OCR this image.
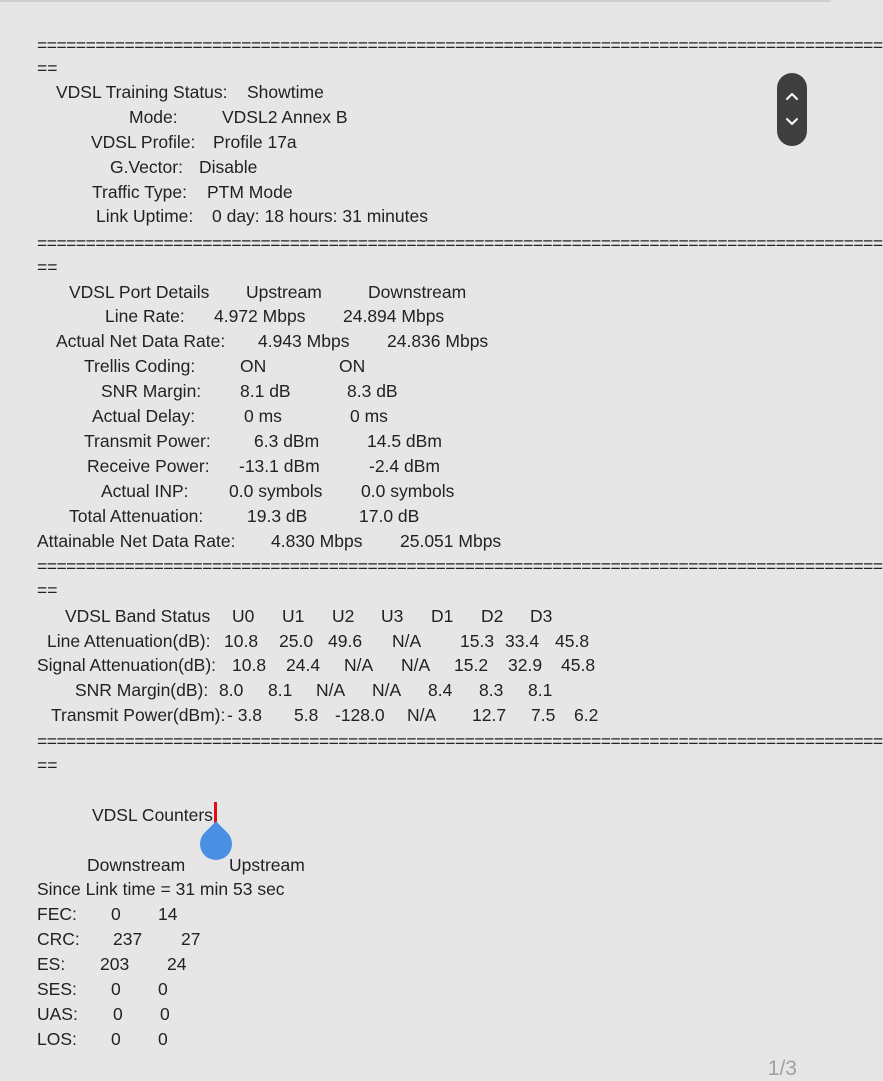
=======================================================================================
==
VDSL Training Status: Showtime
Mode:	VDSL2 Annex B
VDSL Profile: Profile 17a
G.Vector: Disable
Traffic Type: PTM Mode
Link Uptime: 0 day: 18 hours: 31 minutes
=======================================================================================
==
VDSL Port Details Upstream	Downstream
Line Rate: 4.972 Mbps 24.894 Mbps
Actual Net Data Rate: 4.943 Mbps 24.836 Mbps
Trellis Coding:	ON	ON
SNR Margin: 8.1 dB	8.3 dB
Actual Delay:	0 ms	0 ms
Transmit Power: 6.3 dBm	14.5 dBm
Receive Power: -13.1 dBm	-2.4 dBm
Actual INP: 0.0 symbols 0.0 symbols
Total Attenuation: 19.3 dB	17.0 dB
Attainable Net Data Rate: 4.830 Mbps 25.051 Mbps
=======================================================================================
==
VDSL Band Status U0 U1 U2 U3 D1 D2 D3
Line Attenuation(dB): 10.8 25.0 49.6 N/A 15.3 33.4 45.8
Signal Attenuation(dB): 10.8 24.4 N/A N/A 15.2 32.9 45.8
SNR Margin(dB): 8.0 8.1 N/A N/A 8.4 8.3 8.1
Transmit Power(dBm): - 3.8 5.8 -128.0 N/A 12.7 7.5 6.2
=======================================================================================
==
VDSL Counters
Downstream	Upstream
Since Link time = 31 min 53 sec
FEC: 0 14
CRC: 237 27
ES: 203 24
SES: 0 0
UAS: 0 0
LOS: 0 0
1/3
